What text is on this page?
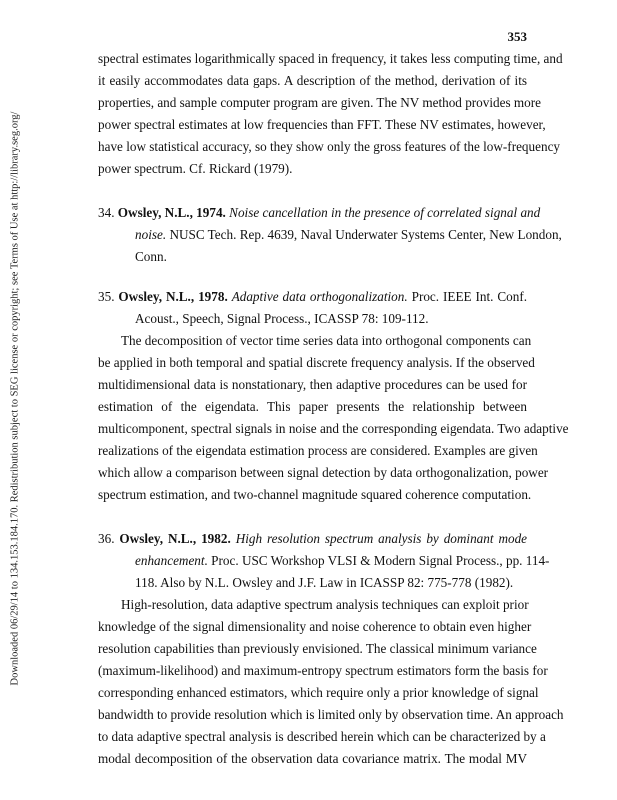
Downloaded 06/29/14 to 134.153.184.170. Redistribution subject to SEG license or copyright; see Terms of Use at http://library.seg.org/
353
spectral estimates logarithmically spaced in frequency, it takes less computing time, and
it easily accommodates data gaps. A description of the method, derivation of its
properties, and sample computer program are given. The NV method provides more
power spectral estimates at low frequencies than FFT. These NV estimates, however,
have low statistical accuracy, so they show only the gross features of the low-frequency
power spectrum. Cf. Rickard (1979).
34. Owsley, N.L., 1974. Noise cancellation in the presence of correlated signal and
noise. NUSC Tech. Rep. 4639, Naval Underwater Systems Center, New London,
Conn.
35. Owsley, N.L., 1978. Adaptive data orthogonalization. Proc. IEEE Int. Conf.
Acoust., Speech, Signal Process., ICASSP 78: 109-112.
The decomposition of vector time series data into orthogonal components can
be applied in both temporal and spatial discrete frequency analysis. If the observed
multidimensional data is nonstationary, then adaptive procedures can be used for
estimation of the eigendata. This paper presents the relationship between
multicomponent, spectral signals in noise and the corresponding eigendata. Two adaptive
realizations of the eigendata estimation process are considered. Examples are given
which allow a comparison between signal detection by data orthogonalization, power
spectrum estimation, and two-channel magnitude squared coherence computation.
36. Owsley, N.L., 1982. High resolution spectrum analysis by dominant mode
enhancement. Proc. USC Workshop VLSI & Modern Signal Process., pp. 114-
118. Also by N.L. Owsley and J.F. Law in ICASSP 82: 775-778 (1982).
High-resolution, data adaptive spectrum analysis techniques can exploit prior
knowledge of the signal dimensionality and noise coherence to obtain even higher
resolution capabilities than previously envisioned. The classical minimum variance
(maximum-likelihood) and maximum-entropy spectrum estimators form the basis for
corresponding enhanced estimators, which require only a prior knowledge of signal
bandwidth to provide resolution which is limited only by observation time. An approach
to data adaptive spectral analysis is described herein which can be characterized by a
modal decomposition of the observation data covariance matrix. The modal MV
